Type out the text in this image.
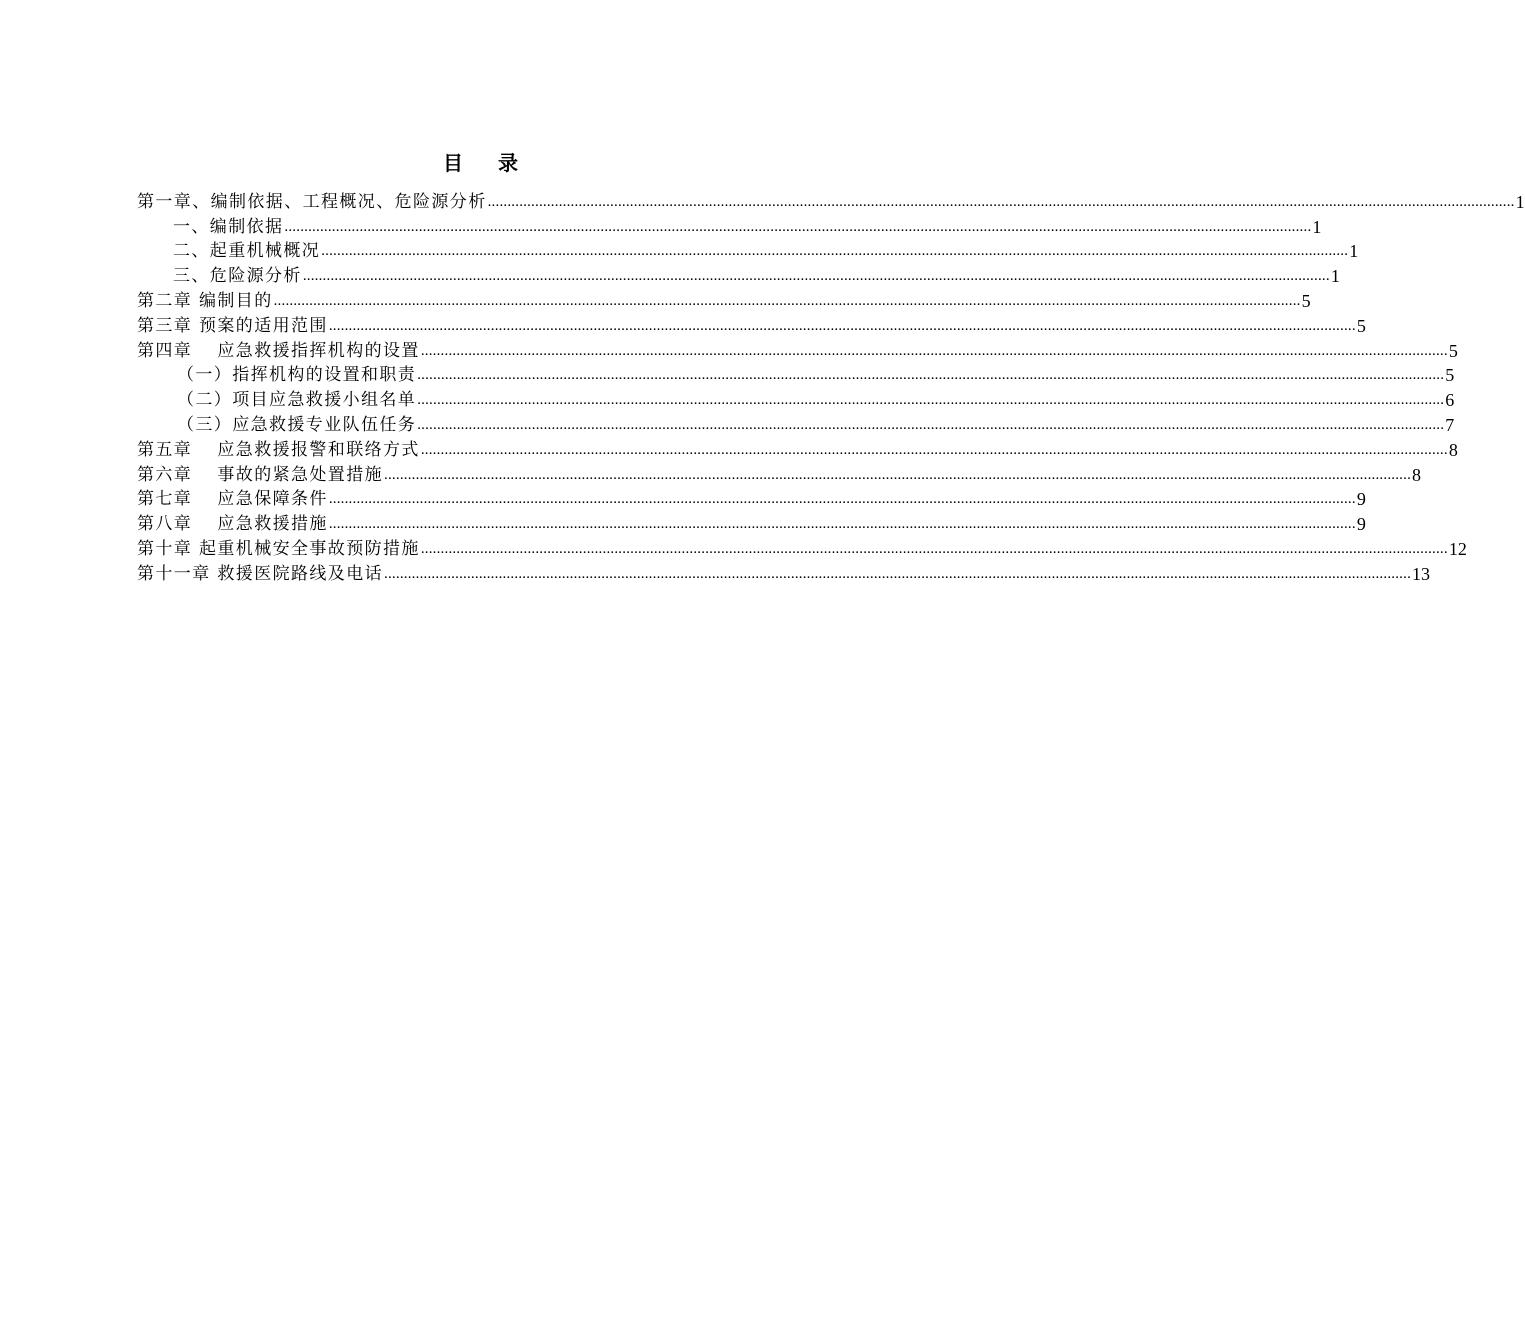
目 录
第一章、编制依据、工程概况、危险源分析 .................................................................................................................................................................................................................................................................... 1
一、编制依据 .................................................................................................................................................................................................................................................................... 1
二、起重机械概况 .................................................................................................................................................................................................................................................................... 1
三、危险源分析 .................................................................................................................................................................................................................................................................... 1
第二章 编制目的 .................................................................................................................................................................................................................................................................... 5
第三章 预案的适用范围 .................................................................................................................................................................................................................................................................... 5
第四章　 应急救援指挥机构的设置 .................................................................................................................................................................................................................................................................... 5
（一）指挥机构的设置和职责 .................................................................................................................................................................................................................................................................... 5
（二）项目应急救援小组名单 .................................................................................................................................................................................................................................................................... 6
（三）应急救援专业队伍任务 .................................................................................................................................................................................................................................................................... 7
第五章　 应急救援报警和联络方式 .................................................................................................................................................................................................................................................................... 8
第六章　 事故的紧急处置措施 .................................................................................................................................................................................................................................................................... 8
第七章　 应急保障条件 .................................................................................................................................................................................................................................................................... 9
第八章　 应急救援措施 .................................................................................................................................................................................................................................................................... 9
第十章 起重机械安全事故预防措施 .................................................................................................................................................................................................................................................................... 12
第十一章 救援医院路线及电话 .................................................................................................................................................................................................................................................................... 13
